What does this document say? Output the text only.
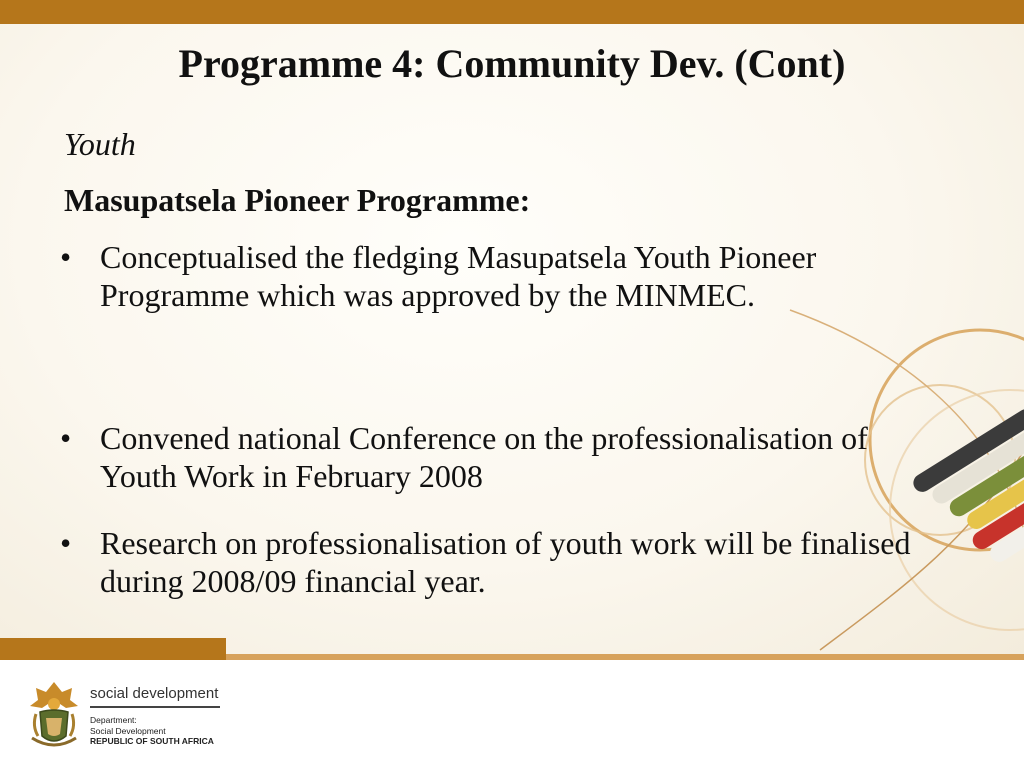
Programme 4: Community Dev. (Cont)
Youth
Masupatsela Pioneer Programme:
• Conceptualised the fledging Masupatsela Youth Pioneer Programme which was approved by the MINMEC.
• Convened national Conference on the professionalisation of Youth Work in February 2008
• Research on professionalisation of youth work will be finalised during 2008/09 financial year.
social development
Department:
Social Development
REPUBLIC OF SOUTH AFRICA
